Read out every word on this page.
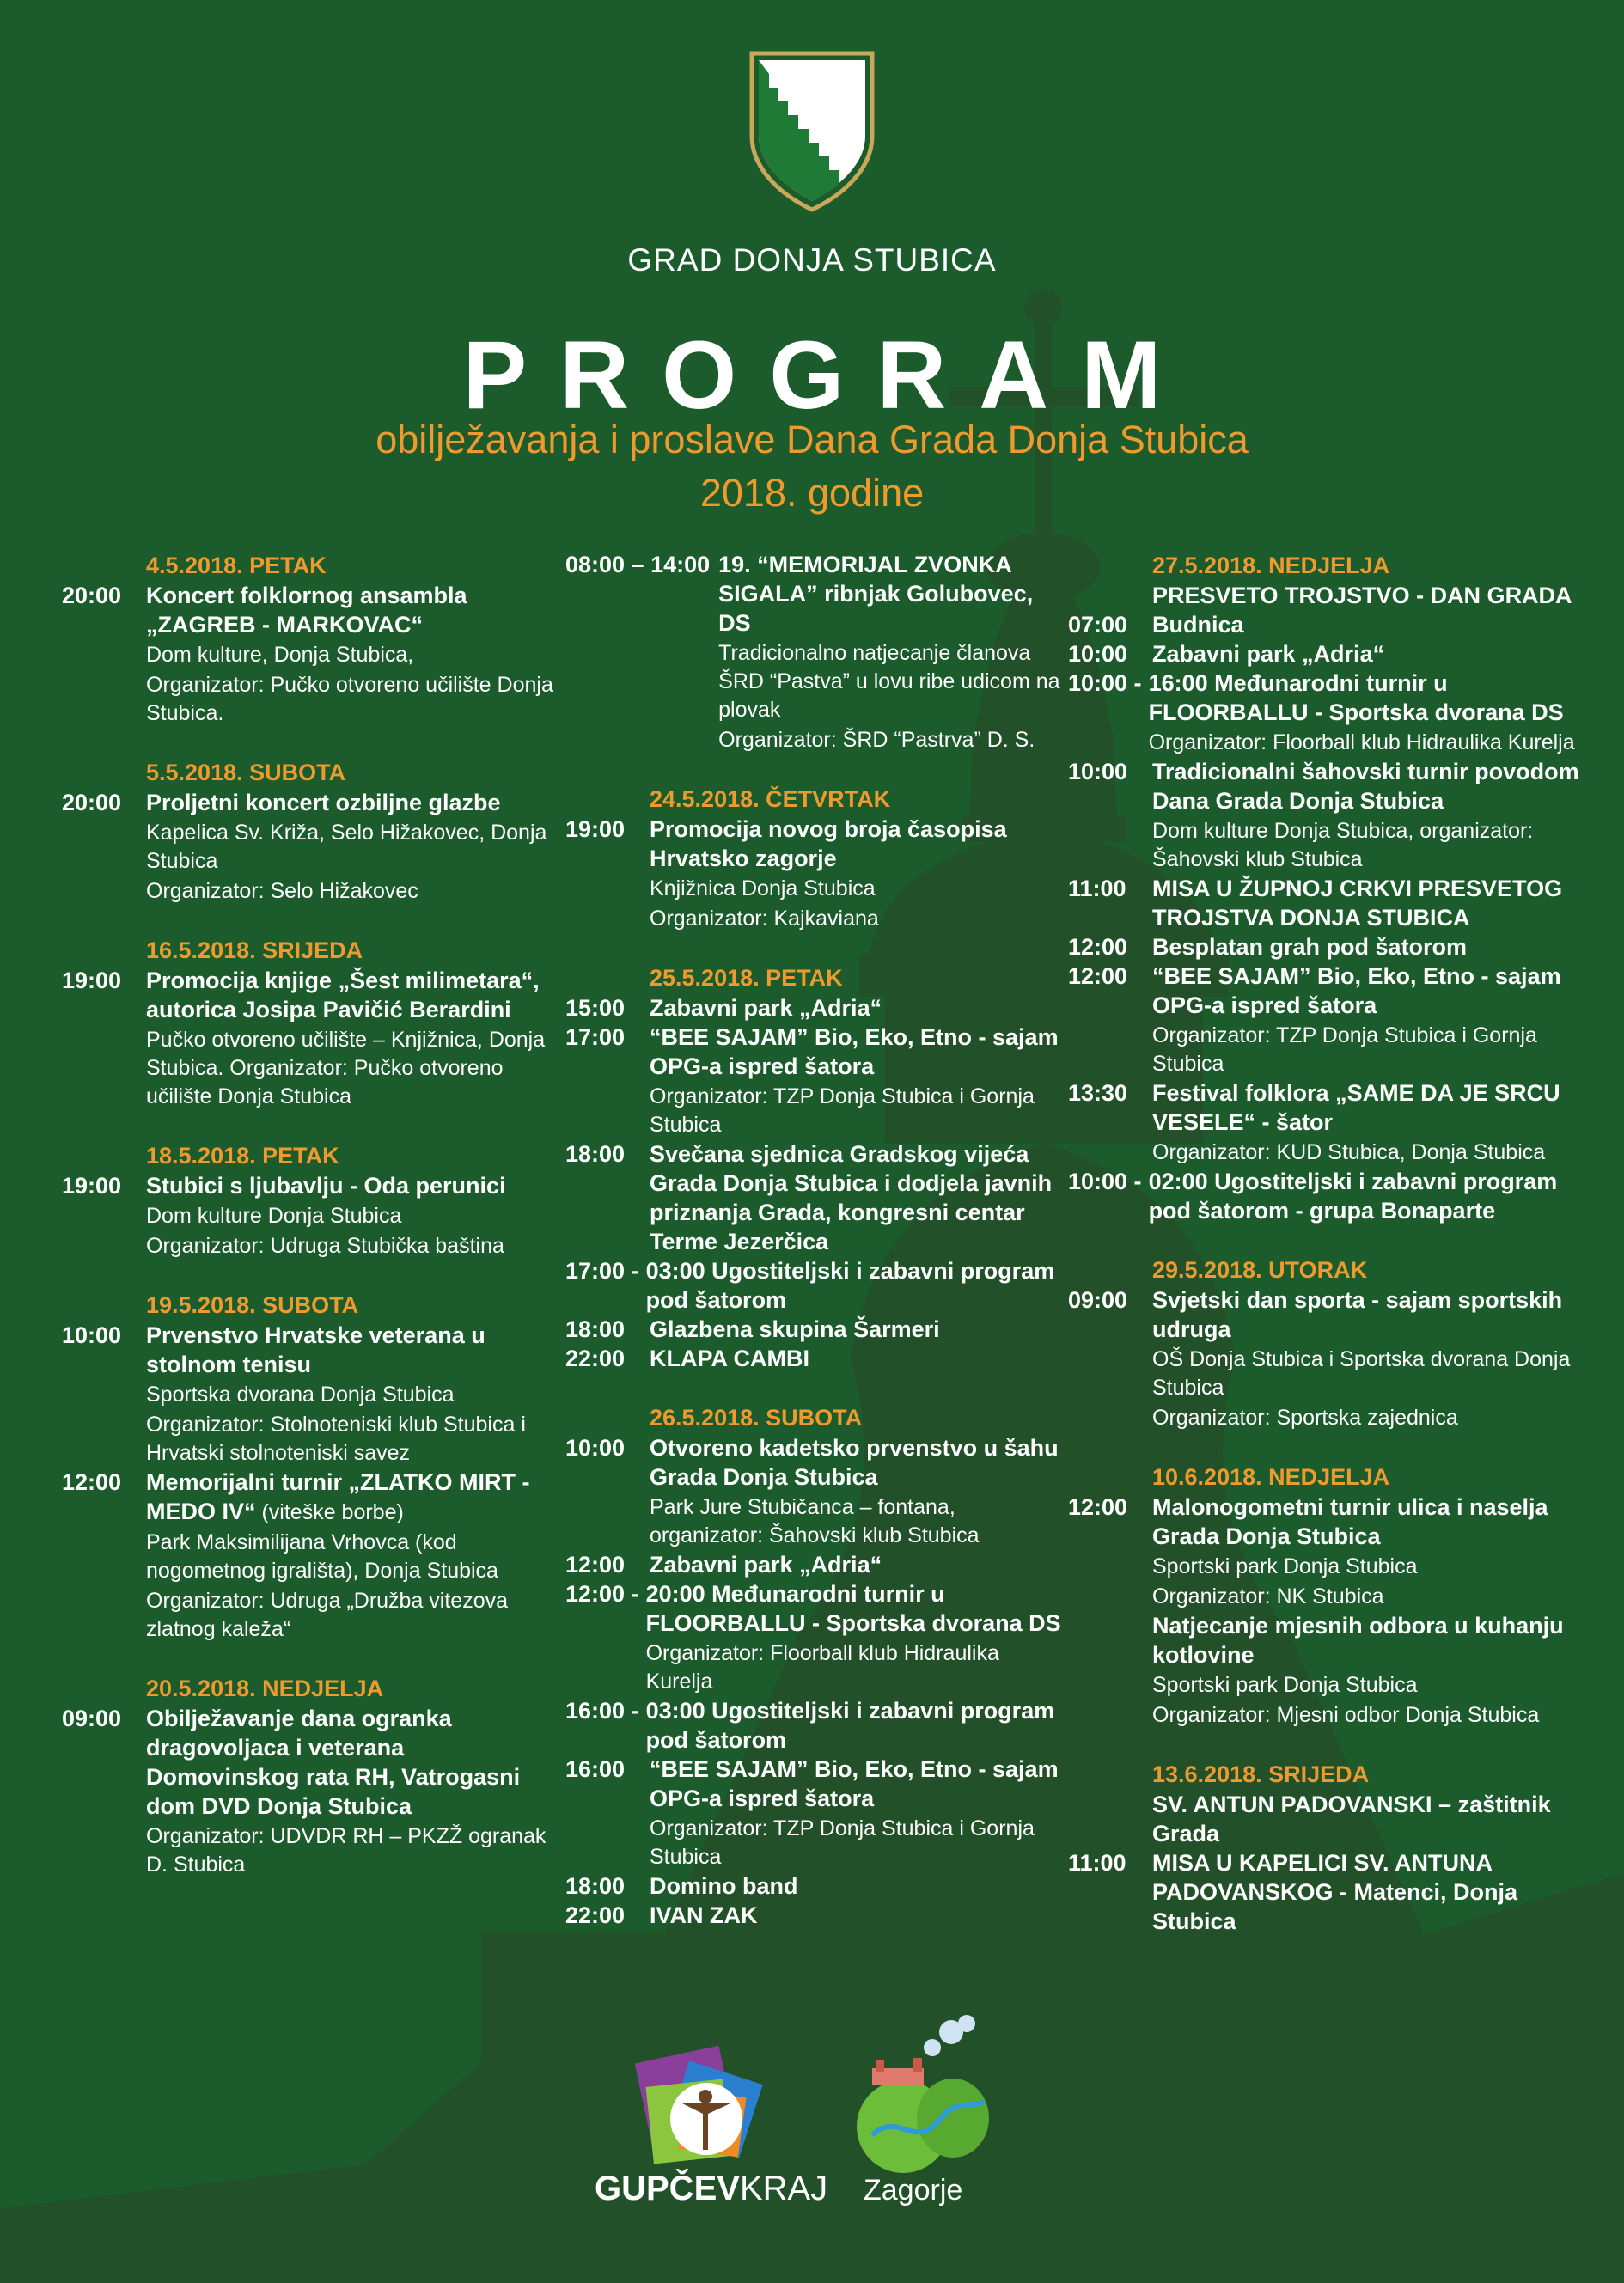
GRAD DONJA STUBICA
PROGRAM
obilježavanja i proslave Dana Grada Donja Stubica
2018. godine
4.5.2018. PETAK
20:00	Koncert folklornog ansambla „ZAGREB - MARKOVAC“
Dom kulture, Donja Stubica,
Organizator: Pučko otvoreno učilište Donja Stubica.
5.5.2018. SUBOTA
20:00	Proljetni koncert ozbiljne glazbe
Kapelica Sv. Križa, Selo Hižakovec, Donja Stubica
Organizator: Selo Hižakovec
16.5.2018. SRIJEDA
19:00	Promocija knjige „Šest milimetara“, autorica Josipa Pavičić Berardini
Pučko otvoreno učilište – Knjižnica, Donja Stubica. Organizator: Pučko otvoreno učilište Donja Stubica
18.5.2018. PETAK
19:00	Stubici s ljubavlju - Oda perunici
Dom kulture Donja Stubica
Organizator: Udruga Stubička baština
19.5.2018. SUBOTA
10:00	Prvenstvo Hrvatske veterana u stolnom tenisu
Sportska dvorana Donja Stubica
Organizator: Stolnoteniski klub Stubica i Hrvatski stolnoteniski savez
12:00	Memorijalni turnir „ZLATKO MIRT - MEDO IV“ (viteške borbe)
Park Maksimilijana Vrhovca (kod nogometnog igrališta), Donja Stubica
Organizator: Udruga „Družba vitezova zlatnog kaleža“
20.5.2018. NEDJELJA
09:00	Obilježavanje dana ogranka dragovoljaca i veterana Domovinskog rata RH, Vatrogasni dom DVD Donja Stubica
Organizator: UDVDR RH – PKZŽ ogranak D. Stubica
08:00 – 14:00 19. “MEMORIJAL ZVONKA SIGALA” ribnjak Golubovec, DS
Tradicionalno natjecanje članova ŠRD “Pastva” u lovu ribe udicom na plovak
Organizator: ŠRD “Pastrva” D. S.
24.5.2018. ČETVRTAK
19:00	Promocija novog broja časopisa Hrvatsko zagorje
Knjižnica Donja Stubica
Organizator: Kajkaviana
25.5.2018. PETAK
15:00	Zabavni park „Adria“
17:00	“BEE SAJAM” Bio, Eko, Etno - sajam OPG-a ispred šatora
Organizator: TZP Donja Stubica i Gornja Stubica
18:00	Svečana sjednica Gradskog vijeća Grada Donja Stubica i dodjela javnih priznanja Grada, kongresni centar Terme Jezerčica
17:00 - 03:00 Ugostiteljski i zabavni program pod šatorom
18:00	Glazbena skupina Šarmeri
22:00	KLAPA CAMBI
26.5.2018. SUBOTA
10:00	Otvoreno kadetsko prvenstvo u šahu Grada Donja Stubica
Park Jure Stubičanca – fontana, organizator: Šahovski klub Stubica
12:00	Zabavni park „Adria“
12:00 - 20:00 Međunarodni turnir u FLOORBALLU - Sportska dvorana DS
Organizator: Floorball klub Hidraulika Kurelja
16:00 - 03:00 Ugostiteljski i zabavni program pod šatorom
16:00	“BEE SAJAM” Bio, Eko, Etno - sajam OPG-a ispred šatora
Organizator: TZP Donja Stubica i Gornja Stubica
18:00	Domino band
22:00	IVAN ZAK
27.5.2018. NEDJELJA
PRESVETO TROJSTVO - DAN GRADA
07:00	Budnica
10:00	Zabavni park „Adria“
10:00 - 16:00 Međunarodni turnir u FLOORBALLU - Sportska dvorana DS
Organizator: Floorball klub Hidraulika Kurelja
10:00	Tradicionalni šahovski turnir povodom Dana Grada Donja Stubica
Dom kulture Donja Stubica, organizator: Šahovski klub Stubica
11:00	MISA U ŽUPNOJ CRKVI PRESVETOG TROJSTVA DONJA STUBICA
12:00	Besplatan grah pod šatorom
12:00	“BEE SAJAM” Bio, Eko, Etno - sajam OPG-a ispred šatora
Organizator: TZP Donja Stubica i Gornja Stubica
13:30	Festival folklora „SAME DA JE SRCU VESELE“ - šator
Organizator: KUD Stubica, Donja Stubica
10:00 - 02:00 Ugostiteljski i zabavni program pod šatorom - grupa Bonaparte
29.5.2018. UTORAK
09:00	Svjetski dan sporta - sajam sportskih udruga
OŠ Donja Stubica i Sportska dvorana Donja Stubica
Organizator: Sportska zajednica
10.6.2018. NEDJELJA
12:00	Malonogometni turnir ulica i naselja Grada Donja Stubica
Sportski park Donja Stubica
Organizator: NK Stubica
Natjecanje mjesnih odbora u kuhanju kotlovine
Sportski park Donja Stubica
Organizator: Mjesni odbor Donja Stubica
13.6.2018. SRIJEDA
SV. ANTUN PADOVANSKI – zaštitnik Grada
11:00	MISA U KAPELICI SV. ANTUNA PADOVANSKOG - Matenci, Donja Stubica
GUPČEVKRAJ Zagorje
